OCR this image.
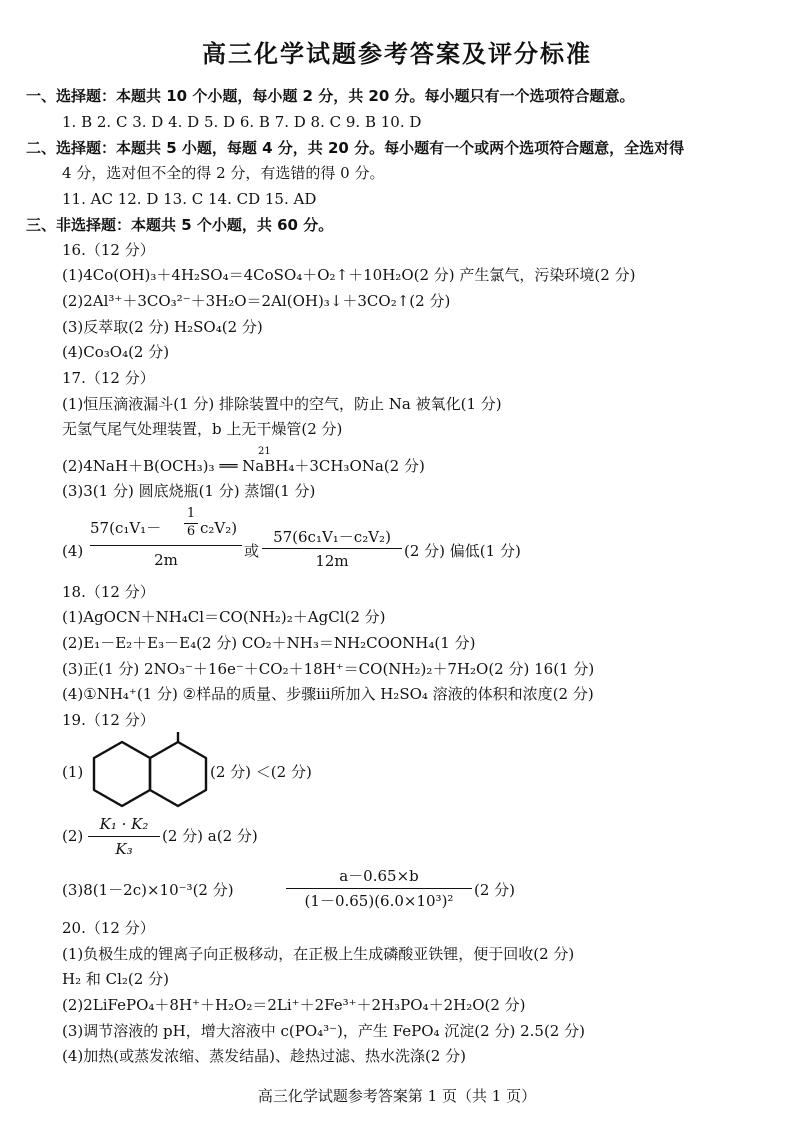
高三化学试题参考答案及评分标准
一、选择题：本题共 10 个小题，每小题 2 分，共 20 分。每小题只有一个选项符合题意。
1. B 2. C 3. D 4. D 5. D 6. B 7. D 8. C 9. B 10. D
二、选择题：本题共 5 小题，每题 4 分，共 20 分。每小题有一个或两个选项符合题意，全选对得
4 分，选对但不全的得 2 分，有选错的得 0 分。
11. AC 12. D 13. C 14. CD 15. AD
三、非选择题：本题共 5 个小题，共 60 分。
16.（12 分）
(1)4Co(OH)₃＋4H₂SO₄＝4CoSO₄＋O₂↑＋10H₂O(2 分) 产生氯气，污染环境(2 分)
(2)2Al³⁺＋3CO₃²⁻＋3H₂O＝2Al(OH)₃↓＋3CO₂↑(2 分)
(3)反萃取(2 分) H₂SO₄(2 分)
(4)Co₃O₄(2 分)
17.（12 分）
(1)恒压滴液漏斗(1 分) 排除装置中的空气，防止 Na 被氧化(1 分)
无氢气尾气处理装置，b 上无干燥管(2 分)
21
(2)4NaH＋B(OCH₃)₃ ══ NaBH₄＋3CH₃ONa(2 分)
(3)3(1 分) 圆底烧瓶(1 分) 蒸馏(1 分)
(4)
57(c₁V₁－
1
6 c₂V₂)
2m	或
57(6c₁V₁－c₂V₂)
12m
(2 分) 偏低(1 分)
18.（12 分）
(1)AgOCN＋NH₄Cl＝CO(NH₂)₂＋AgCl(2 分)
(2)E₁－E₂＋E₃－E₄(2 分) CO₂＋NH₃＝NH₂COONH₄(1 分)
(3)正(1 分) 2NO₃⁻＋16e⁻＋CO₂＋18H⁺＝CO(NH₂)₂＋7H₂O(2 分) 16(1 分)
(4)①NH₄⁺(1 分) ②样品的质量、步骤ⅲ所加入 H₂SO₄ 溶液的体积和浓度(2 分)
19.（12 分）
(1)	(2 分) ＜(2 分)
(2)
K₁ · K₂
K₃
(2 分) a(2 分)
(3)8(1－2c)×10⁻³(2 分)
a－0.65×b
(1－0.65)(6.0×10³)²
(2 分)
20.（12 分）
(1)负极生成的锂离子向正极移动，在正极上生成磷酸亚铁锂，便于回收(2 分)
H₂ 和 Cl₂(2 分)
(2)2LiFePO₄＋8H⁺＋H₂O₂＝2Li⁺＋2Fe³⁺＋2H₃PO₄＋2H₂O(2 分)
(3)调节溶液的 pH，增大溶液中 c(PO₄³⁻)，产生 FePO₄ 沉淀(2 分) 2.5(2 分)
(4)加热(或蒸发浓缩、蒸发结晶)、趁热过滤、热水洗涤(2 分)
高三化学试题参考答案第 1 页（共 1 页）
